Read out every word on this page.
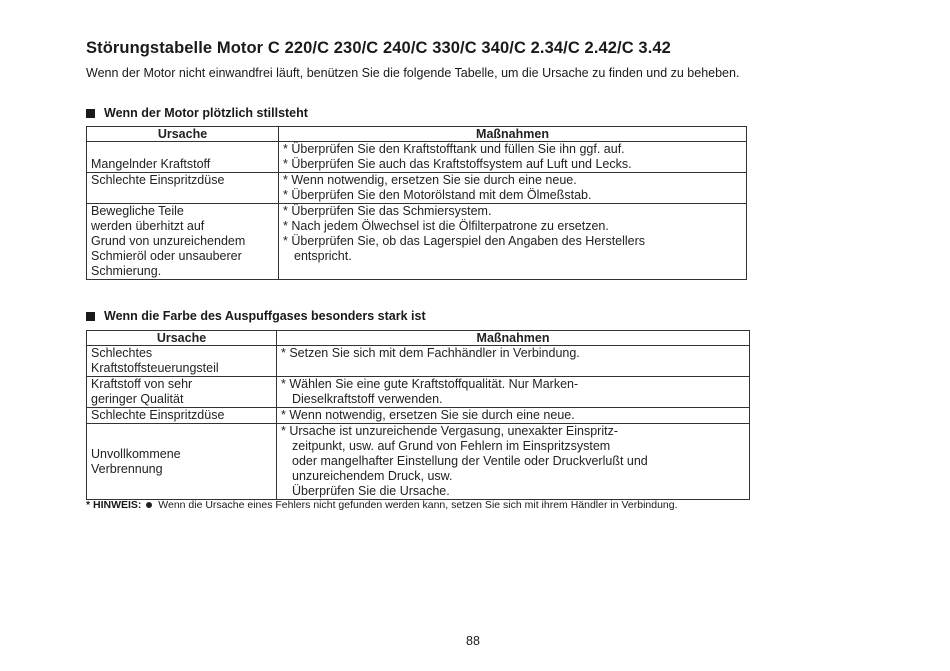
Störungstabelle Motor C 220/C 230/C 240/C 330/C 340/C 2.34/C 2.42/C 3.42
Wenn der Motor nicht einwandfrei läuft, benützen Sie die folgende Tabelle, um die Ursache zu finden und zu beheben.
Wenn der Motor plötzlich stillsteht
Ursache	Maßnahmen

Mangelnder Kraftstoff	* Überprüfen Sie den Kraftstofftank und füllen Sie ihn ggf. auf.
* Überprüfen Sie auch das Kraftstoffsystem auf Luft und Lecks.

Schlechte Einspritzdüse	* Wenn notwendig, ersetzen Sie sie durch eine neue.
* Überprüfen Sie den Motorölstand mit dem Ölmeßstab.

Bewegliche Teile
werden überhitzt auf
Grund von unzureichendem
Schmieröl oder unsauberer
Schmierung.	* Überprüfen Sie das Schmiersystem.
* Nach jedem Ölwechsel ist die Ölfilterpatrone zu ersetzen.
* Überprüfen Sie, ob das Lagerspiel den Angaben des Herstellers
entspricht.
Wenn die Farbe des Auspuffgases besonders stark ist
Ursache	Maßnahmen

Schlechtes
Kraftstoffsteuerungsteil	* Setzen Sie sich mit dem Fachhändler in Verbindung.

Kraftstoff von sehr
geringer Qualität	* Wählen Sie eine gute Kraftstoffqualität. Nur Marken-
Dieselkraftstoff verwenden.

Schlechte Einspritzdüse	* Wenn notwendig, ersetzen Sie sie durch eine neue.

Unvollkommene
Verbrennung	* Ursache ist unzureichende Vergasung, unexakter Einspritz-
zeitpunkt, usw. auf Grund von Fehlern im Einspritzsystem
oder mangelhafter Einstellung der Ventile oder Druckverlußt und
unzureichendem Druck, usw.
Überprüfen Sie die Ursache.
* HINWEIS: Wenn die Ursache eines Fehlers nicht gefunden werden kann, setzen Sie sich mit ihrem Händler in Verbindung.
88
